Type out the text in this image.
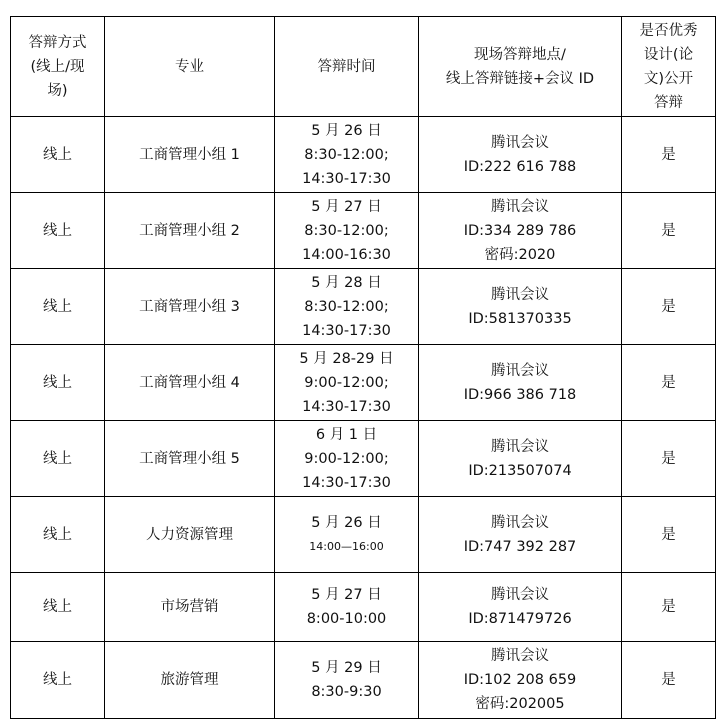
答辩方式
(线上/现
场)	专业	答辩时间	现场答辩地点/
线上答辩链接+会议 ID	是否优秀
设计(论
文)公开
答辩

线上	工商管理小组 1	5 月 26 日
8:30-12:00;
14:30-17:30	腾讯会议
ID:222 616 788	是
线上	工商管理小组 2	5 月 27 日
8:30-12:00;
14:00-16:30	腾讯会议
ID:334 289 786
密码:2020	是
线上	工商管理小组 3	5 月 28 日
8:30-12:00;
14:30-17:30	腾讯会议
ID:581370335	是
线上	工商管理小组 4	5 月 28-29 日
9:00-12:00;
14:30-17:30	腾讯会议
ID:966 386 718	是
线上	工商管理小组 5	6 月 1 日
9:00-12:00;
14:30-17:30	腾讯会议
ID:213507074	是
线上	人力资源管理	5 月 26 日
14:00—16:00	腾讯会议
ID:747 392 287	是
线上	市场营销	5 月 27 日
8:00-10:00	腾讯会议
ID:871479726	是
线上	旅游管理	5 月 29 日
8:30-9:30	腾讯会议
ID:102 208 659
密码:202005	是
